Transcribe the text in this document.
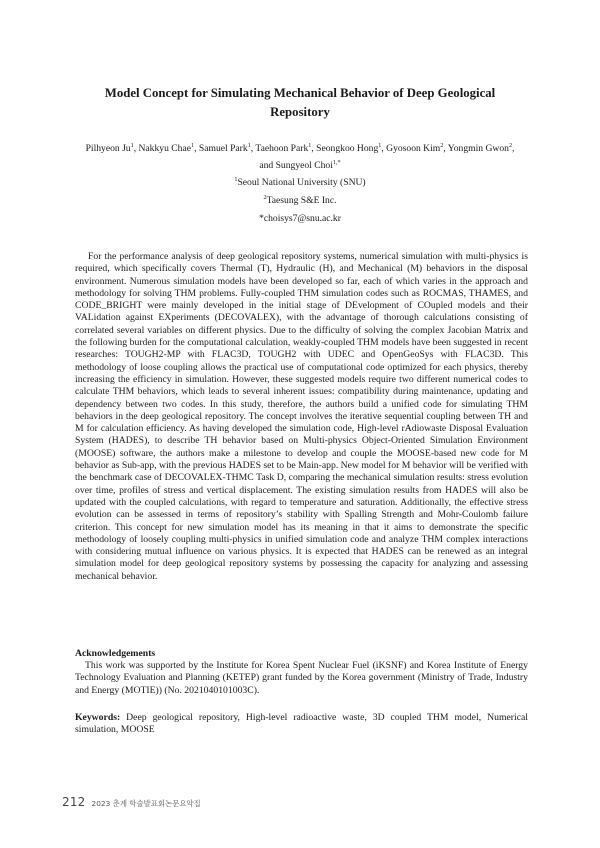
Model Concept for Simulating Mechanical Behavior of Deep Geological Repository
Pilhyeon Ju$^1$, Nakkyu Chae$^1$, Samuel Park$^1$, Taehoon Park$^1$, Seongkoo Hong$^1$, Gyosoon Kim$^2$, Yongmin Gwon$^2$,
and Sungyeol Choi$^{1,*}$
$^1$Seoul National University (SNU)
$^2$Taesung S&E Inc.
*choisys7@snu.ac.kr

For the performance analysis of deep geological repository systems, numerical simulation with multi-physics is required, which specifically covers Thermal (T), Hydraulic (H), and Mechanical (M) behaviors in the disposal environment. Numerous simulation models have been developed so far, each of which varies in the approach and methodology for solving THM problems. Fully-coupled THM simulation codes such as ROCMAS, THAMES, and CODE_BRIGHT were mainly developed in the initial stage of DEvelopment of COupled models and their VALidation against EXperiments (DECOVALEX), with the advantage of thorough calculations consisting of correlated several variables on different physics. Due to the difficulty of solving the complex Jacobian Matrix and the following burden for the computational calculation, weakly-coupled THM models have been suggested in recent researches: TOUGH2-MP with FLAC3D, TOUGH2 with UDEC and OpenGeoSys with FLAC3D. This methodology of loose coupling allows the practical use of computational code optimized for each physics, thereby increasing the efficiency in simulation. However, these suggested models require two different numerical codes to calculate THM behaviors, which leads to several inherent issues: compatibility during maintenance, updating and dependency between two codes. In this study, therefore, the authors build a unified code for simulating THM behaviors in the deep geological repository. The concept involves the iterative sequential coupling between TH and M for calculation efficiency. As having developed the simulation code, High-level rAdiowaste Disposal Evaluation System (HADES), to describe TH behavior based on Multi-physics Object-Oriented Simulation Environment (MOOSE) software, the authors make a milestone to develop and couple the MOOSE-based new code for M behavior as Sub-app, with the previous HADES set to be Main-app. New model for M behavior will be verified with the benchmark case of DECOVALEX-THMC Task D, comparing the mechanical simulation results: stress evolution over time, profiles of stress and vertical displacement. The existing simulation results from HADES will also be updated with the coupled calculations, with regard to temperature and saturation. Additionally, the effective stress evolution can be assessed in terms of repository’s stability with Spalling Strength and Mohr-Coulomb failure criterion. This concept for new simulation model has its meaning in that it aims to demonstrate the specific methodology of loosely coupling multi-physics in unified simulation code and analyze THM complex interactions with considering mutual influence on various physics. It is expected that HADES can be renewed as an integral simulation model for deep geological repository systems by possessing the capacity for analyzing and assessing mechanical behavior.

Acknowledgements

This work was supported by the Institute for Korea Spent Nuclear Fuel (iKSNF) and Korea Institute of Energy Technology Evaluation and Planning (KETEP) grant funded by the Korea government (Ministry of Trade, Industry and Energy (MOTIE)) (No. 2021040101003C).

Keywords: Deep geological repository, High-level radioactive waste, 3D coupled THM model, Numerical simulation, MOOSE

212 2023 춘계 학술발표회논문요약집
